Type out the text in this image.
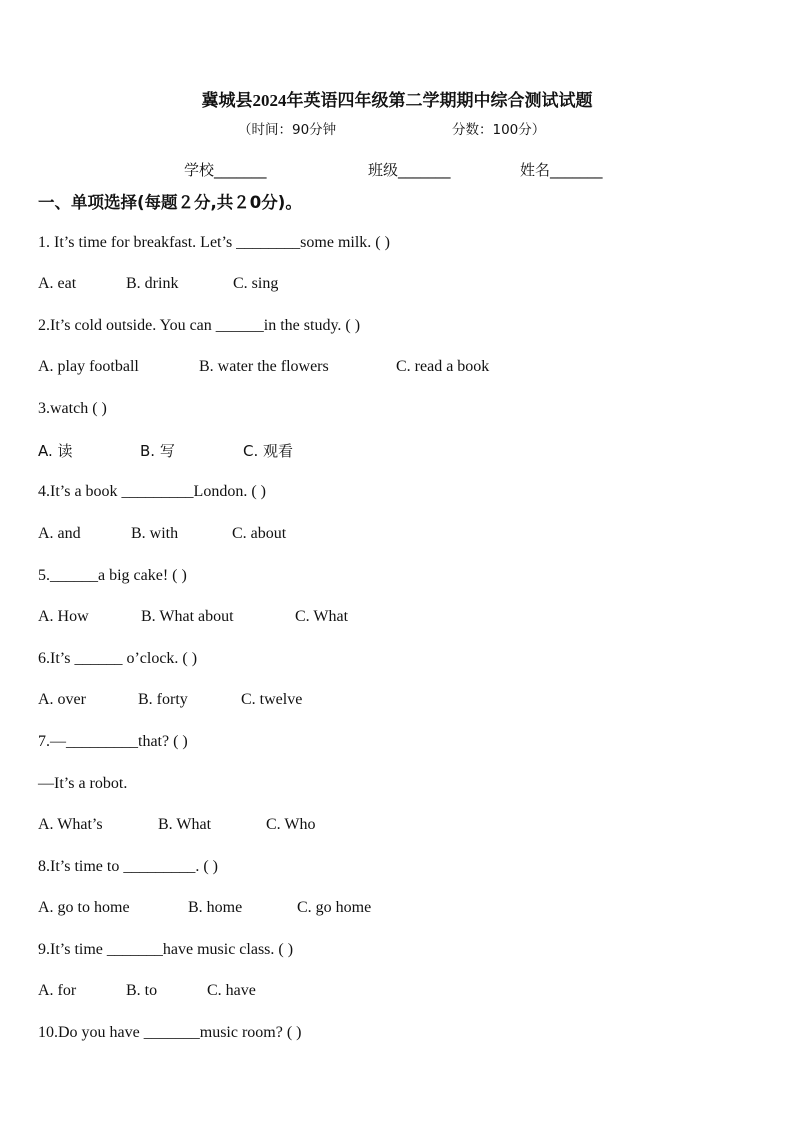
冀城县2024年英语四年级第二学期期中综合测试试题
（时间：90分钟	分数：100分）
学校_______	班级_______	姓名_______
一、单项选择(每题２分,共２0分)。
1. It’s time for breakfast. Let’s ________some milk. ( )
A. eat	B. drink	C. sing
2.It’s cold outside. You can ______in the study. ( )
A. play football	B. water the flowers	C. read a book
3.watch ( )
A. 读	B. 写	C. 观看
4.It’s a book _________London. ( )
A. and	B. with	C. about
5.______a big cake! ( )
A. How	B. What about	C. What
6.It’s ______ o’clock. ( )
A. over	B. forty	C. twelve
7.—_________that? ( )
—It’s a robot.
A. What’s	B. What	C. Who
8.It’s time to _________. ( )
A. go to home	B. home	C. go home
9.It’s time _______have music class. ( )
A. for	B. to	C. have
10.Do you have _______music room? ( )
